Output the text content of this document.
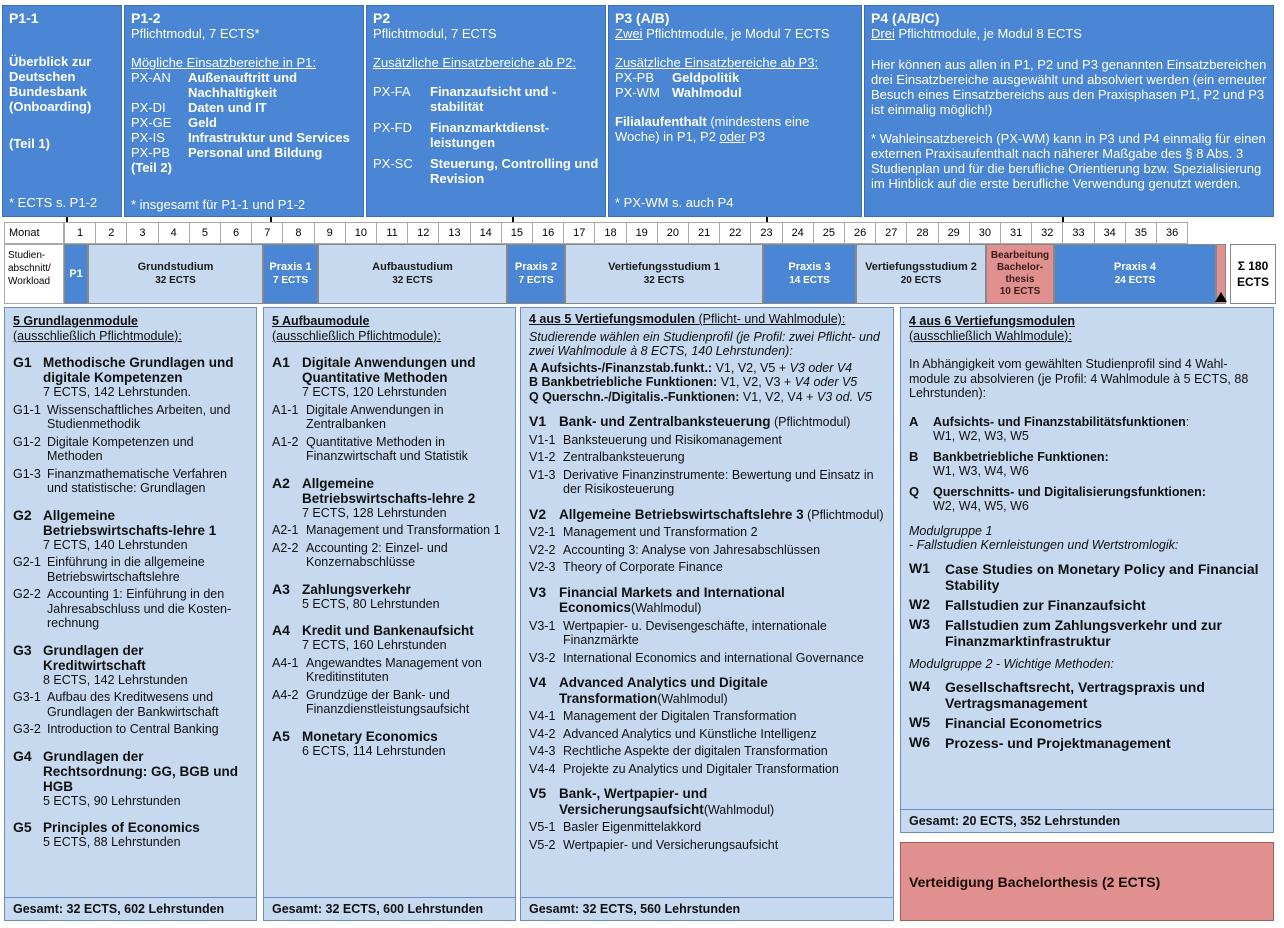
P1-1
Überblick zur Deutschen Bundesbank (Onboarding)
(Teil 1)
* ECTS s. P1-2
P1-2
Pflichtmodul, 7 ECTS*
Mögliche Einsatzbereiche in P1:
PX-AN	Außenauftritt und Nachhaltigkeit
PX-DI	Daten und IT
PX-GE	Geld
PX-IS	Infrastruktur und Services
PX-PB	Personal und Bildung
(Teil 2)
* insgesamt für P1-1 und P1-2
P2
Pflichtmodul, 7 ECTS
Zusätzliche Einsatzbereiche ab P2:
PX-FA	Finanzaufsicht und -stabilität
PX-FD	Finanzmarktdienst-leistungen
PX-SC	Steuerung, Controlling und Revision
P3 (A/B)
Zwei Pflichtmodule, je Modul 7 ECTS
Zusätzliche Einsatzbereiche ab P3:
PX-PB	Geldpolitik
PX-WM Wahlmodul
Filialaufenthalt (mindestens eine Woche) in P1, P2 oder P3
* PX-WM s. auch P4
P4 (A/B/C)
Drei Pflichtmodule, je Modul 8 ECTS
Hier können aus allen in P1, P2 und P3 genannten Einsatzbereichen drei Einsatzbereiche ausgewählt und absolviert werden (ein erneuter Besuch eines Einsatzbereichs aus den Praxisphasen P1, P2 und P3 ist einmalig möglich!)
* Wahleinsatzbereich (PX-WM) kann in P3 und P4 einmalig für einen externen Praxisaufenthalt nach näherer Maßgabe des § 8 Abs. 3 Studienplan und für die berufliche Orientierung bzw. Spezialisierung im Hinblick auf die erste berufliche Verwendung genutzt werden.
Monat	1	2	3	4	5	6	7	8	9	10	11	12	13	14	15	16	17	18	19	20	21	22	23	24	25	26	27	28	29	30	31	32	33	34	35	36
Studien-abschnitt/ Workload
P1
Grundstudium
32 ECTS
Praxis 1
7 ECTS
Aufbaustudium
32 ECTS
Praxis 2
7 ECTS
Vertiefungsstudium 1
32 ECTS
Praxis 3
14 ECTS
Vertiefungsstudium 2
20 ECTS
Bearbeitung Bachelor-thesis
10 ECTS
Praxis 4
24 ECTS
Σ 180
ECTS
5 Grundlagenmodule
(ausschließlich Pflichtmodule):
G1 Methodische Grundlagen und digitale Kompetenzen
7 ECTS, 142 Lehrstunden.
G1-1 Wissenschaftliches Arbeiten, und Studienmethodik
G1-2 Digitale Kompetenzen und Methoden
G1-3 Finanzmathematische Verfahren und statistische: Grundlagen
G2 Allgemeine Betriebswirtschafts-lehre 1
7 ECTS, 140 Lehrstunden
G2-1 Einführung in die allgemeine Betriebswirtschaftslehre
G2-2 Accounting 1: Einführung in den Jahresabschluss und die Kosten-rechnung
G3 Grundlagen der Kreditwirtschaft
8 ECTS, 142 Lehrstunden
G3-1 Aufbau des Kreditwesens und Grundlagen der Bankwirtschaft
G3-2 Introduction to Central Banking
G4 Grundlagen der Rechtsordnung: GG, BGB und HGB
5 ECTS, 90 Lehrstunden
G5 Principles of Economics
5 ECTS, 88 Lehrstunden
Gesamt: 32 ECTS, 602 Lehrstunden
5 Aufbaumodule
(ausschließlich Pflichtmodule):
A1 Digitale Anwendungen und Quantitative Methoden
7 ECTS, 120 Lehrstunden
A1-1 Digitale Anwendungen in Zentralbanken
A1-2 Quantitative Methoden in Finanzwirtschaft und Statistik
A2 Allgemeine Betriebswirtschafts-lehre 2
7 ECTS, 128 Lehrstunden
A2-1 Management und Transformation 1
A2-2 Accounting 2: Einzel- und Konzernabschlüsse
A3 Zahlungsverkehr
5 ECTS, 80 Lehrstunden
A4 Kredit und Bankenaufsicht
7 ECTS, 160 Lehrstunden
A4-1 Angewandtes Management von Kreditinstituten
A4-2 Grundzüge der Bank- und Finanzdienstleistungsaufsicht
A5 Monetary Economics
6 ECTS, 114 Lehrstunden
Gesamt: 32 ECTS, 600 Lehrstunden
4 aus 5 Vertiefungsmodulen (Pflicht- und Wahlmodule):
Studierende wählen ein Studienprofil (je Profil: zwei Pflicht- und zwei Wahlmodule à 8 ECTS, 140 Lehrstunden):
A Aufsichts-/Finanzstab.funkt.: V1, V2, V5 + V3 oder V4
B Bankbetriebliche Funktionen: V1, V2, V3 + V4 oder V5
Q Querschn.-/Digitalis.-Funktionen: V1, V2, V4 + V3 od. V5
V1 Bank- und Zentralbanksteuerung (Pflichtmodul)
V1-1 Banksteuerung und Risikomanagement
V1-2 Zentralbanksteuerung
V1-3 Derivative Finanzinstrumente: Bewertung und Einsatz in der Risikosteuerung
V2 Allgemeine Betriebswirtschaftslehre 3 (Pflichtmodul)
V2-1 Management und Transformation 2
V2-2 Accounting 3: Analyse von Jahresabschlüssen
V2-3 Theory of Corporate Finance
V3 Financial Markets and International Economics(Wahlmodul)
V3-1 Wertpapier- u. Devisengeschäfte, internationale Finanzmärkte
V3-2 International Economics and international Governance
V4 Advanced Analytics und Digitale Transformation(Wahlmodul)
V4-1 Management der Digitalen Transformation
V4-2 Advanced Analytics und Künstliche Intelligenz
V4-3 Rechtliche Aspekte der digitalen Transformation
V4-4 Projekte zu Analytics und Digitaler Transformation
V5 Bank-, Wertpapier- und Versicherungsaufsicht(Wahlmodul)
V5-1 Basler Eigenmittelakkord
V5-2 Wertpapier- und Versicherungsaufsicht
Gesamt: 32 ECTS, 560 Lehrstunden
4 aus 6 Vertiefungsmodulen
(ausschließlich Wahlmodule):
In Abhängigkeit vom gewählten Studienprofil sind 4 Wahl-module zu absolvieren (je Profil: 4 Wahlmodule à 5 ECTS, 88 Lehrstunden):
A	Aufsichts- und Finanzstabilitätsfunktionen:
W1, W2, W3, W5
B	Bankbetriebliche Funktionen:
W1, W3, W4, W6
Q	Querschnitts- und Digitalisierungsfunktionen:
W2, W4, W5, W6
Modulgruppe 1
- Fallstudien Kernleistungen und Wertstromlogik:
W1	Case Studies on Monetary Policy and Financial Stability
W2	Fallstudien zur Finanzaufsicht
W3	Fallstudien zum Zahlungsverkehr und zur Finanzmarktinfrastruktur
Modulgruppe 2 - Wichtige Methoden:
W4	Gesellschaftsrecht, Vertragspraxis und Vertragsmanagement
W5	Financial Econometrics
W6	Prozess- und Projektmanagement
Gesamt: 20 ECTS, 352 Lehrstunden
Verteidigung Bachelorthesis (2 ECTS)
